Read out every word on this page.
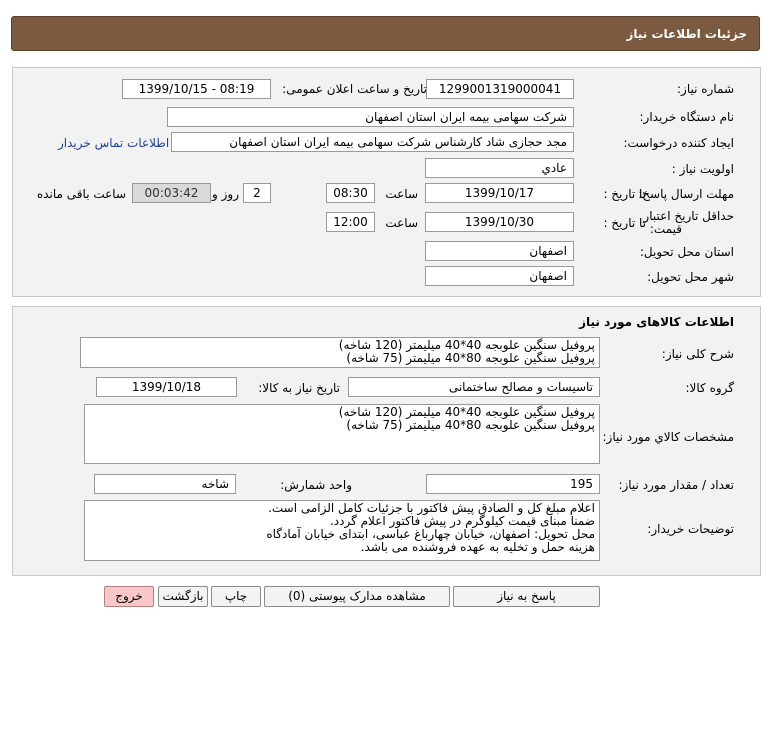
جزئیات اطلاعات نیاز
شماره نیاز:
1299001319000041
تاریخ و ساعت اعلان عمومی:
1399/10/15 - 08:19
نام دستگاه خریدار:
شرکت سهامی بیمه ایران استان اصفهان
ایجاد کننده درخواست:
مجد حجازی شاد کارشناس شرکت سهامی بیمه ایران استان اصفهان
اطلاعات تماس خریدار
اولویت نیاز :
عادي
مهلت ارسال پاسخ:
تا تاریخ :
1399/10/17
ساعت
08:30
2
روز و
00:03:42
ساعت باقی مانده
حداقل تاریخ اعتبار
قیمت:
تا تاریخ :
1399/10/30
ساعت
12:00
استان محل تحویل:
اصفهان
شهر محل تحویل:
اصفهان
اطلاعات کالاهای مورد نیاز
شرح کلی نیاز:
پروفیل سنگین علوبجه 40*40 میلیمتر (120 شاخه)
پروفیل سنگین علوبجه 80*40 میلیمتر (75 شاخه)
گروه کالا:
تاسیسات و مصالح ساختمانی
تاریخ نیاز به کالا:
1399/10/18
مشخصات کالاي مورد نیاز:
پروفیل سنگین علوبجه 40*40 میلیمتر (120 شاخه)
پروفیل سنگین علوبجه 80*40 میلیمتر (75 شاخه)
تعداد / مقدار مورد نیاز:
195
واحد شمارش:
شاخه
توضیحات خریدار:
اعلام مبلغ کل و الصادق پیش فاکتور با جزئیات کامل الزامی است.
ضمنا مبنای قیمت کیلوگرم در پیش فاکتور اعلام گردد.
محل تحویل: اصفهان، خیابان چهارباغ عباسی، ابتدای خیابان آمادگاه
هزینه حمل و تخلیه به عهده فروشنده می باشد.
پاسخ به نیاز
مشاهده مدارک پیوستی (0)
چاپ
بازگشت
خروج
